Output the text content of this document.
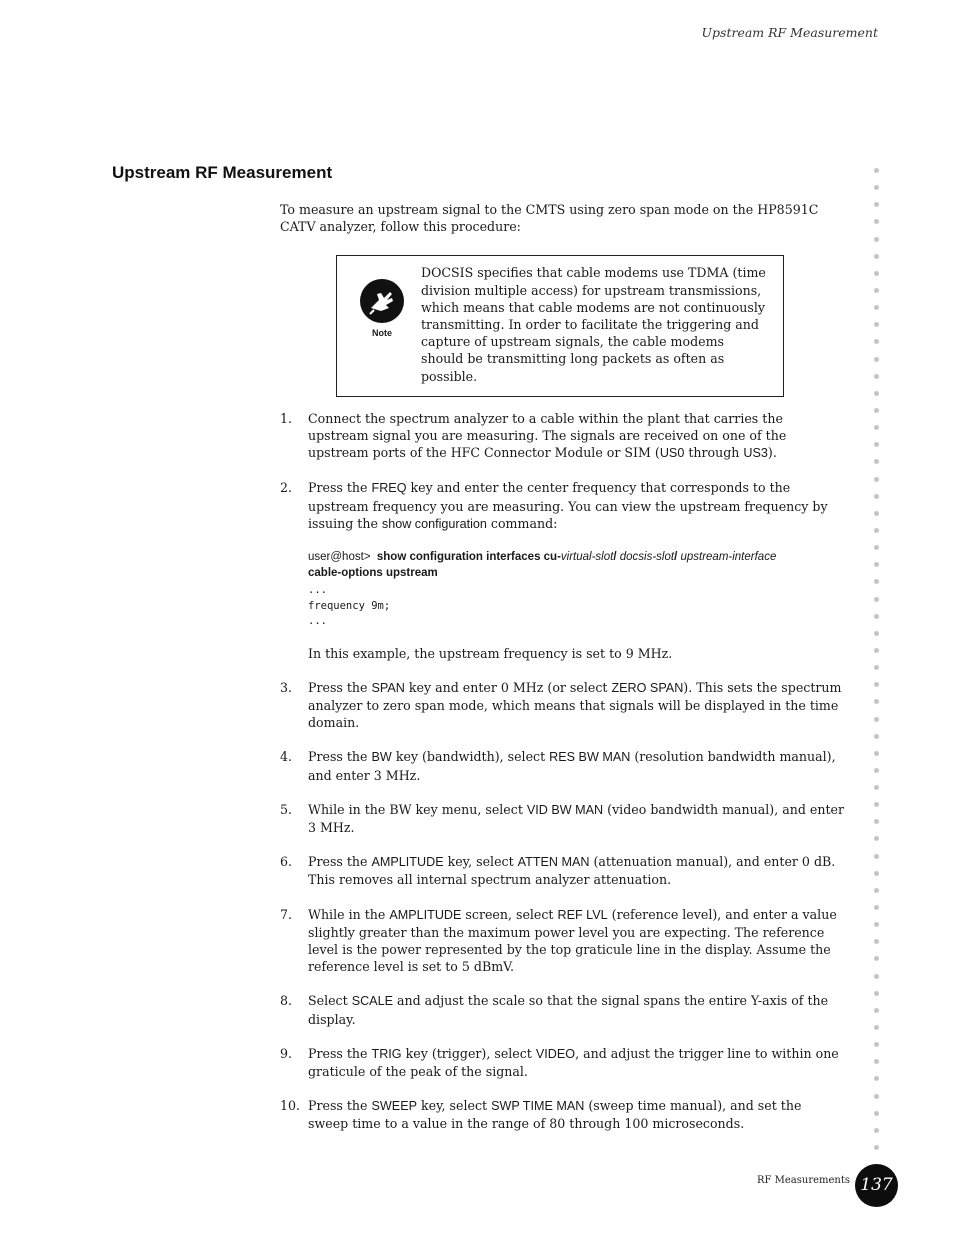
Upstream RF Measurement
Upstream RF Measurement

To measure an upstream signal to the CMTS using zero span mode on the HP8591C CATV analyzer, follow this procedure:

Note

DOCSIS specifies that cable modems use TDMA (time division multiple access) for upstream transmissions, which means that cable modems are not continuously transmitting. In order to facilitate the triggering and capture of upstream signals, the cable modems should be transmitting long packets as often as possible.

1. Connect the spectrum analyzer to a cable within the plant that carries the upstream signal you are measuring. The signals are received on one of the upstream ports of the HFC Connector Module or SIM (US0 through US3).
2. Press the FREQ key and enter the center frequency that corresponds to the upstream frequency you are measuring. You can view the upstream frequency by issuing the show configuration command:
user@host> show configuration interfaces cu-virtual-slot/ docsis-slot/ upstream-interface
cable-options upstream
...
frequency 9m;
...
In this example, the upstream frequency is set to 9 MHz.
3. Press the SPAN key and enter 0 MHz (or select ZERO SPAN). This sets the spectrum analyzer to zero span mode, which means that signals will be displayed in the time domain.
4. Press the BW key (bandwidth), select RES BW MAN (resolution bandwidth manual), and enter 3 MHz.
5. While in the BW key menu, select VID BW MAN (video bandwidth manual), and enter 3 MHz.
6. Press the AMPLITUDE key, select ATTEN MAN (attenuation manual), and enter 0 dB. This removes all internal spectrum analyzer attenuation.
7. While in the AMPLITUDE screen, select REF LVL (reference level), and enter a value slightly greater than the maximum power level you are expecting. The reference level is the power represented by the top graticule line in the display. Assume the reference level is set to 5 dBmV.
8. Select SCALE and adjust the scale so that the signal spans the entire Y-axis of the display.
9. Press the TRIG key (trigger), select VIDEO, and adjust the trigger line to within one graticule of the peak of the signal.
10. Press the SWEEP key, select SWP TIME MAN (sweep time manual), and set the sweep time to a value in the range of 80 through 100 microseconds.
RF Measurements 137
